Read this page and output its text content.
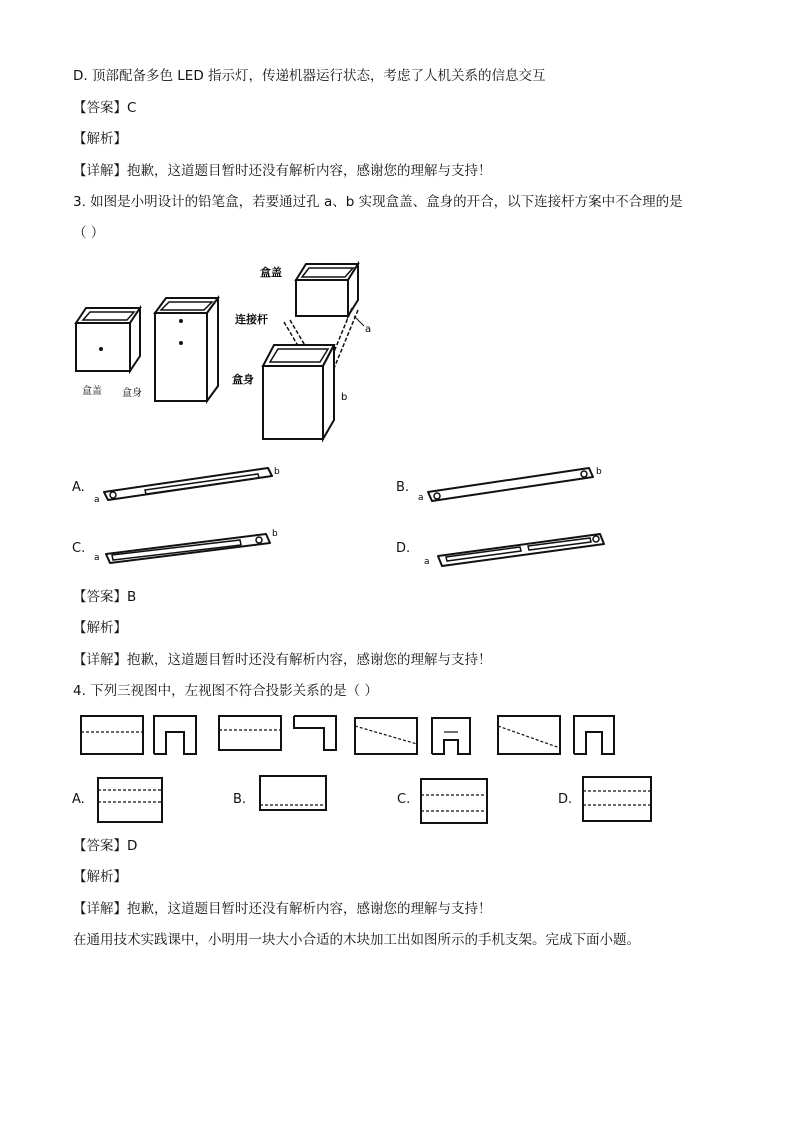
D. 顶部配备多色 LED 指示灯，传递机器运行状态，考虑了人机关系的信息交互
【答案】C
【解析】
【详解】抱歉，这道题目暂时还没有解析内容，感谢您的理解与支持！
3. 如图是小明设计的铅笔盒，若要通过孔 a、b 实现盒盖、盒身的开合，以下连接杆方案中不合理的是
（ ）
盒盖 盒身
盒盖
a
连接杆
盒身
b
A.
a
b
B.
a
b
C.
a
b
D.
a
【答案】B
【解析】
【详解】抱歉，这道题目暂时还没有解析内容，感谢您的理解与支持！
4. 下列三视图中，左视图不符合投影关系的是（ ）
A.	B.	C.	D.
【答案】D
【解析】
【详解】抱歉，这道题目暂时还没有解析内容，感谢您的理解与支持！
在通用技术实践课中，小明用一块大小合适的木块加工出如图所示的手机支架。完成下面小题。
